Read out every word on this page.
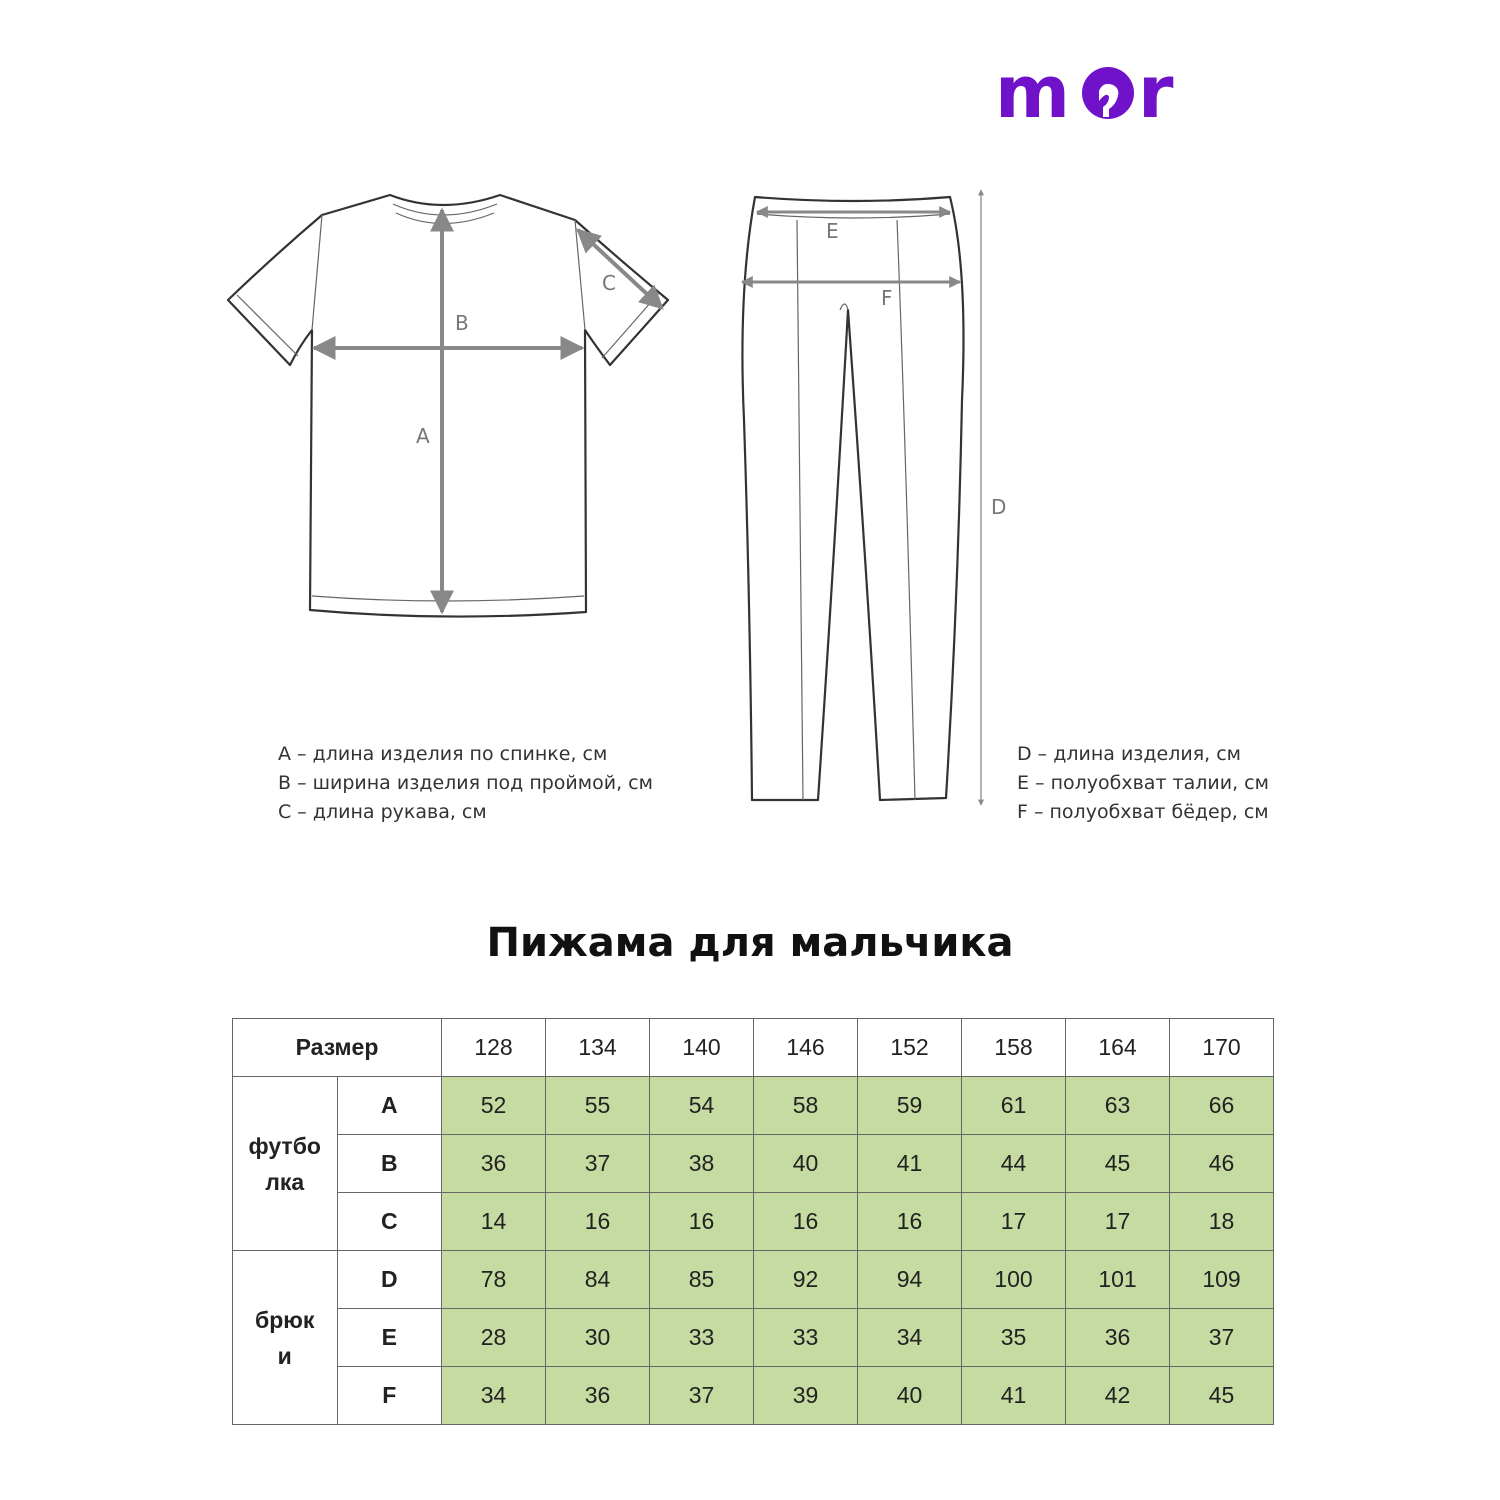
m r
A
B
C
D
E
F
A – длина изделия по спинке, см
B – ширина изделия под проймой, см
C – длина рукава, см
D – длина изделия, см
E – полуобхват талии, см
F – полуобхват бёдер, см
Пижама для мальчика
Размер		128	134	140	146	152	158	164	170
футбо
лка	A	52	55	54	58	59	61	63	66
	B	36	37	38	40	41	44	45	46
	C	14	16	16	16	16	17	17	18
брюк
и	D	78	84	85	92	94	100	101	109
	E	28	30	33	33	34	35	36	37
	F	34	36	37	39	40	41	42	45
